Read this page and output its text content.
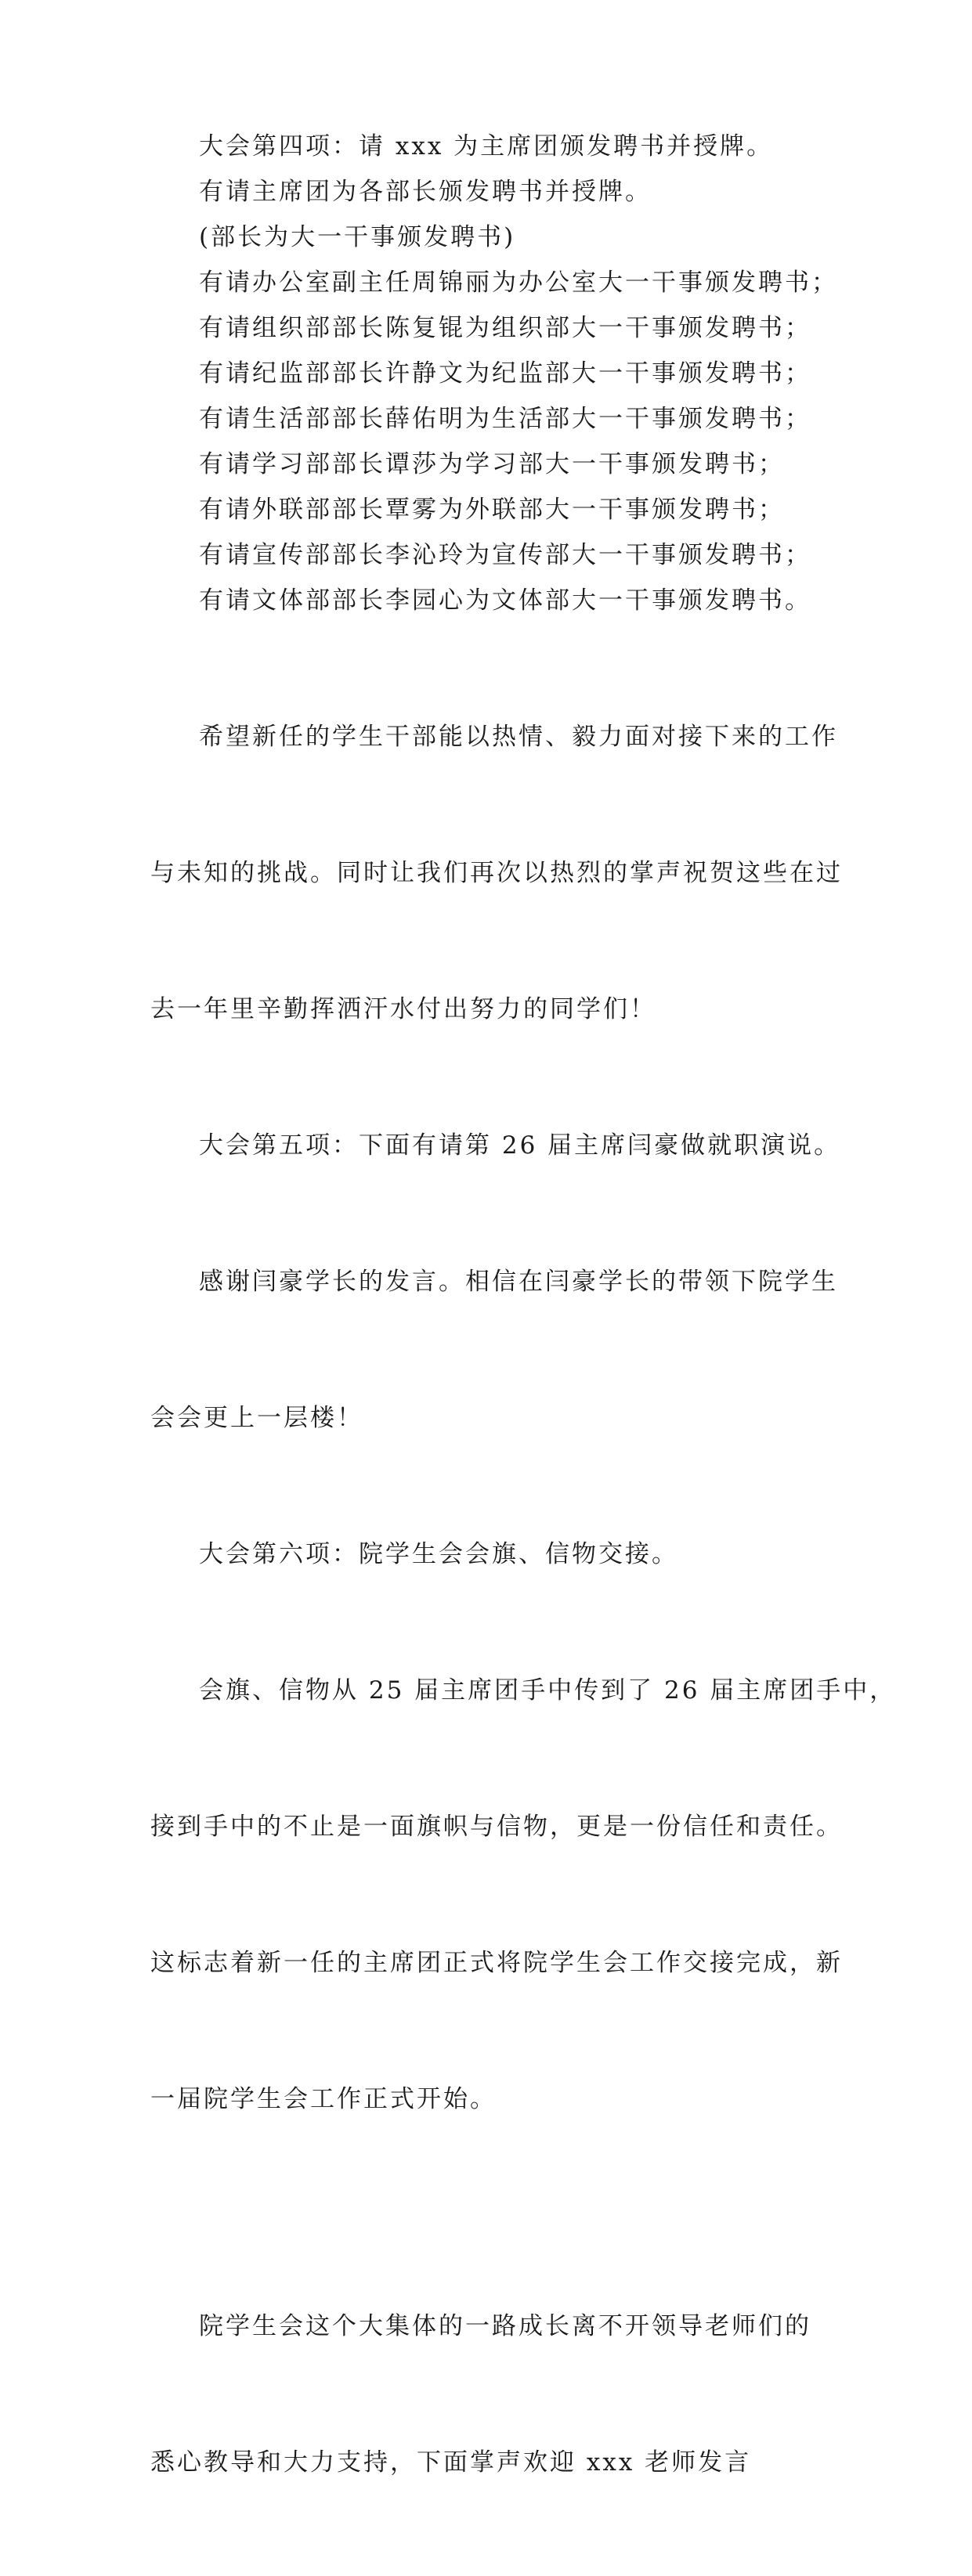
大会第四项：请 xxx 为主席团颁发聘书并授牌。

有请主席团为各部长颁发聘书并授牌。

(部长为大一干事颁发聘书)

有请办公室副主任周锦丽为办公室大一干事颁发聘书；

有请组织部部长陈复锟为组织部大一干事颁发聘书；

有请纪监部部长许静文为纪监部大一干事颁发聘书；

有请生活部部长薛佑明为生活部大一干事颁发聘书；

有请学习部部长谭莎为学习部大一干事颁发聘书；

有请外联部部长覃雾为外联部大一干事颁发聘书；

有请宣传部部长李沁玲为宣传部大一干事颁发聘书；

有请文体部部长李园心为文体部大一干事颁发聘书。

希望新任的学生干部能以热情、毅力面对接下来的工作

与未知的挑战。同时让我们再次以热烈的掌声祝贺这些在过

去一年里辛勤挥洒汗水付出努力的同学们！

大会第五项：下面有请第 26 届主席闫豪做就职演说。

感谢闫豪学长的发言。相信在闫豪学长的带领下院学生

会会更上一层楼！

大会第六项：院学生会会旗、信物交接。

会旗、信物从 25 届主席团手中传到了 26 届主席团手中，

接到手中的不止是一面旗帜与信物，更是一份信任和责任。

这标志着新一任的主席团正式将院学生会工作交接完成，新

一届院学生会工作正式开始。

院学生会这个大集体的一路成长离不开领导老师们的

悉心教导和大力支持，下面掌声欢迎 xxx 老师发言
